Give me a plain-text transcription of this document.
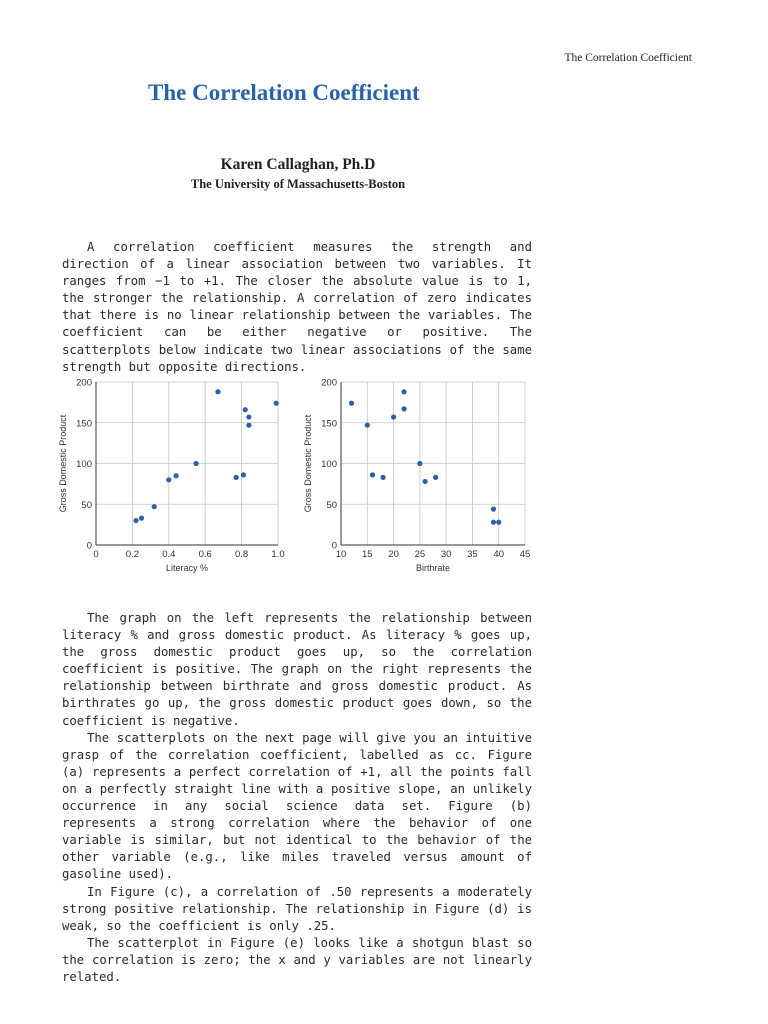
The Correlation Coefficient
The Correlation Coefficient
Karen Callaghan, Ph.D
The University of Massachusetts-Boston

A correlation coefficient measures the strength and direction of a linear association between two variables. It ranges from −1 to +1. The closer the absolute value is to 1, the stronger the relationship. A correlation of zero indicates that there is no linear relationship between the variables. The coefficient can be either negative or positive. The scatterplots below indicate two linear associations of the same strength but opposite directions.

0	0.2 0.4 0.6 0.8 1.0
0
50
100
150
200
Literacy %
Gross Domestic Product
10 15 20 25 30 35 40 45
0
50
100
150
200
Birthrate
Gross Domestic Product

The graph on the left represents the relationship between literacy % and gross domestic product. As literacy % goes up, the gross domestic product goes up, so the correlation coefficient is positive. The graph on the right represents the relationship between birthrate and gross domestic product. As birthrates go up, the gross domestic product goes down, so the coefficient is negative.

The scatterplots on the next page will give you an intuitive grasp of the correlation coefficient, labelled as cc. Figure (a) represents a perfect correlation of +1, all the points fall on a perfectly straight line with a positive slope, an unlikely occurrence in any social science data set. Figure (b) represents a strong correlation where the behavior of one variable is similar, but not identical to the behavior of the other variable (e.g., like miles traveled versus amount of gasoline used).

In Figure (c), a correlation of .50 represents a moderately strong positive relationship. The relationship in Figure (d) is weak, so the coefficient is only .25.

The scatterplot in Figure (e) looks like a shotgun blast so the correlation is zero; the x and y variables are not linearly related.
